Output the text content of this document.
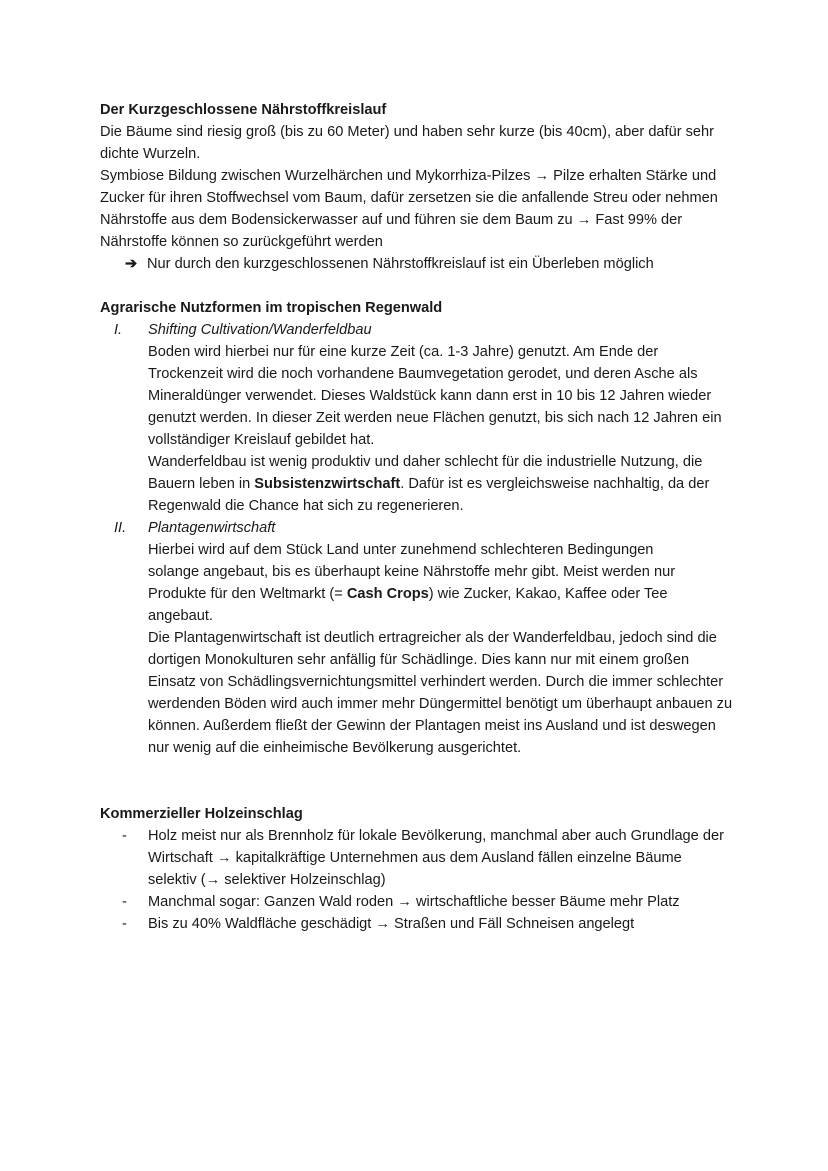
Der Kurzgeschlossene Nährstoffkreislauf
Die Bäume sind riesig groß (bis zu 60 Meter) und haben sehr kurze (bis 40cm), aber dafür sehr dichte Wurzeln.
Symbiose Bildung zwischen Wurzelhärchen und Mykorrhiza-Pilzes → Pilze erhalten Stärke und Zucker für ihren Stoffwechsel vom Baum, dafür zersetzen sie die anfallende Streu oder nehmen Nährstoffe aus dem Bodensickerwasser auf und führen sie dem Baum zu → Fast 99% der Nährstoffe können so zurückgeführt werden
➔ Nur durch den kurzgeschlossenen Nährstoffkreislauf ist ein Überleben möglich
Agrarische Nutzformen im tropischen Regenwald
I. Shifting Cultivation/Wanderfeldbau
Boden wird hierbei nur für eine kurze Zeit (ca. 1-3 Jahre) genutzt. Am Ende der Trockenzeit wird die noch vorhandene Baumvegetation gerodet, und deren Asche als Mineraldünger verwendet. Dieses Waldstück kann dann erst in 10 bis 12 Jahren wieder genutzt werden. In dieser Zeit werden neue Flächen genutzt, bis sich nach 12 Jahren ein vollständiger Kreislauf gebildet hat.
Wanderfeldbau ist wenig produktiv und daher schlecht für die industrielle Nutzung, die Bauern leben in Subsistenzwirtschaft. Dafür ist es vergleichsweise nachhaltig, da der Regenwald die Chance hat sich zu regenerieren.
II. Plantagenwirtschaft
Hierbei wird auf dem Stück Land unter zunehmend schlechteren Bedingungen solange angebaut, bis es überhaupt keine Nährstoffe mehr gibt. Meist werden nur Produkte für den Weltmarkt (= Cash Crops) wie Zucker, Kakao, Kaffee oder Tee angebaut.
Die Plantagenwirtschaft ist deutlich ertragreicher als der Wanderfeldbau, jedoch sind die dortigen Monokulturen sehr anfällig für Schädlinge. Dies kann nur mit einem großen Einsatz von Schädlingsvernichtungsmittel verhindert werden. Durch die immer schlechter werdenden Böden wird auch immer mehr Düngermittel benötigt um überhaupt anbauen zu können. Außerdem fließt der Gewinn der Plantagen meist ins Ausland und ist deswegen nur wenig auf die einheimische Bevölkerung ausgerichtet.
Kommerzieller Holzeinschlag
- Holz meist nur als Brennholz für lokale Bevölkerung, manchmal aber auch Grundlage der Wirtschaft → kapitalkräftige Unternehmen aus dem Ausland fällen einzelne Bäume selektiv (→ selektiver Holzeinschlag)
- Manchmal sogar: Ganzen Wald roden → wirtschaftliche besser Bäume mehr Platz
- Bis zu 40% Waldfläche geschädigt → Straßen und Fäll Schneisen angelegt
